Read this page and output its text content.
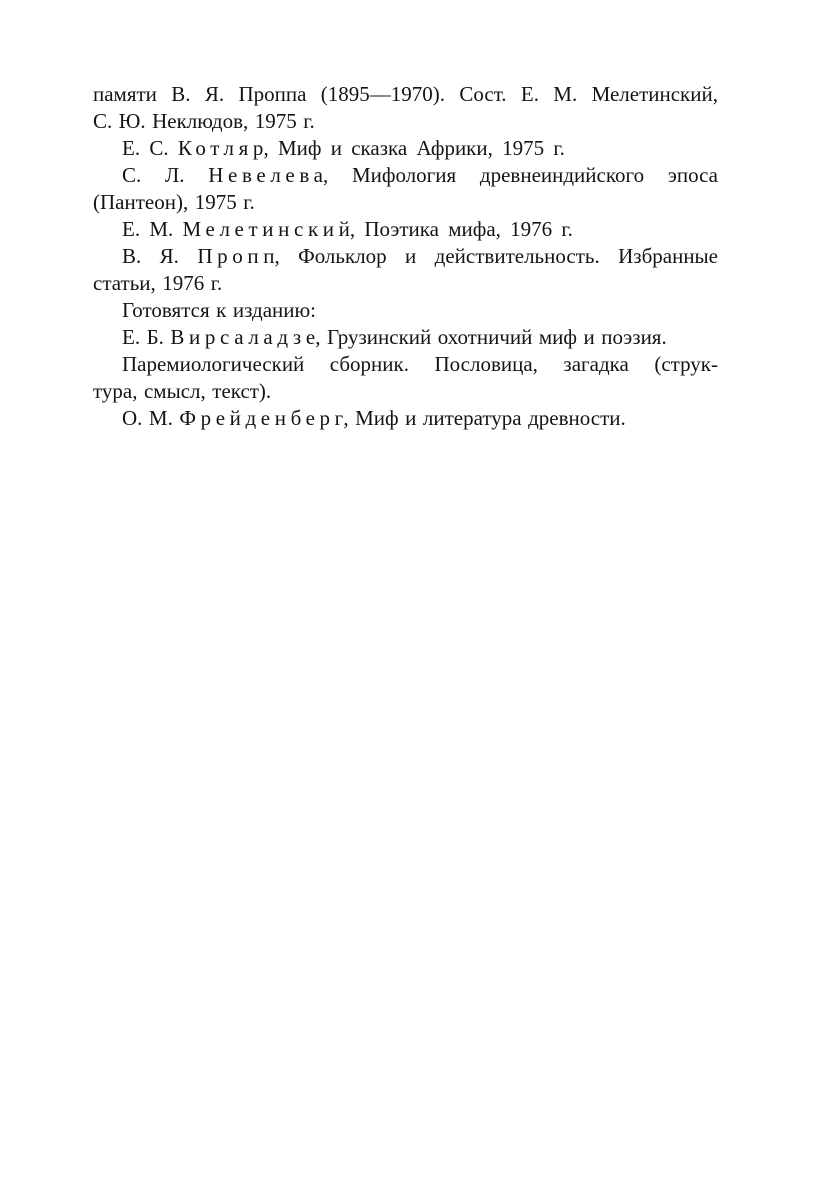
памяти В. Я. Проппа (1895—1970). Сост. Е. М. Мелетинский,
С. Ю. Неклюдов, 1975 г.
Е. С. Котляр, Миф и сказка Африки, 1975 г.
С. Л. Невелева, Мифология древнеиндийского эпоса
(Пантеон), 1975 г.
Е. М. Мелетинский, Поэтика мифа, 1976 г.
В. Я. Пропп, Фольклор и действительность. Избранные
статьи, 1976 г.
Готовятся к изданию:
Е. Б. Вирсаладзе, Грузинский охотничий миф и поэзия.
Паремиологический сборник. Пословица, загадка (струк-
тура, смысл, текст).
О. М. Фрейденберг, Миф и литература древности.
